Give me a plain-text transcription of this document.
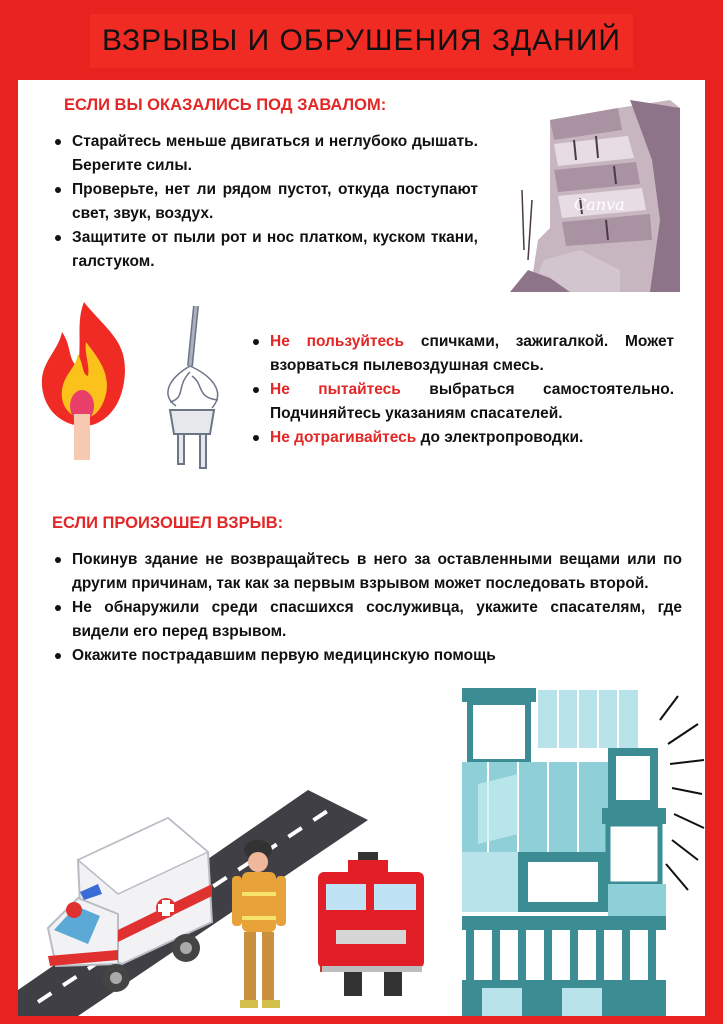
ВЗРЫВЫ И ОБРУШЕНИЯ ЗДАНИЙ
ЕСЛИ ВЫ ОКАЗАЛИСЬ ПОД ЗАВАЛОМ:
Старайтесь меньше двигаться и неглубоко дышать. Берегите силы.
Проверьте, нет ли рядом пустот, откуда поступают свет, звук, воздух.
Защитите от пыли рот и нос платком, куском ткани, галстуком.
Canva
Не пользуйтесь спичками, зажигалкой. Может взорваться пылевоздушная смесь.
Не пытайтесь выбраться самостоятельно. Подчиняйтесь указаниям спасателей.
Не дотрагивайтесь до электропроводки.
ЕСЛИ ПРОИЗОШЕЛ ВЗРЫВ:
Покинув здание не возвращайтесь в него за оставленными вещами или по другим причинам, так как за первым взрывом может последовать второй.
Не обнаружили среди спасшихся сослуживца, укажите спасателям, где видели его перед взрывом.
Окажите пострадавшим первую медицинскую помощь
